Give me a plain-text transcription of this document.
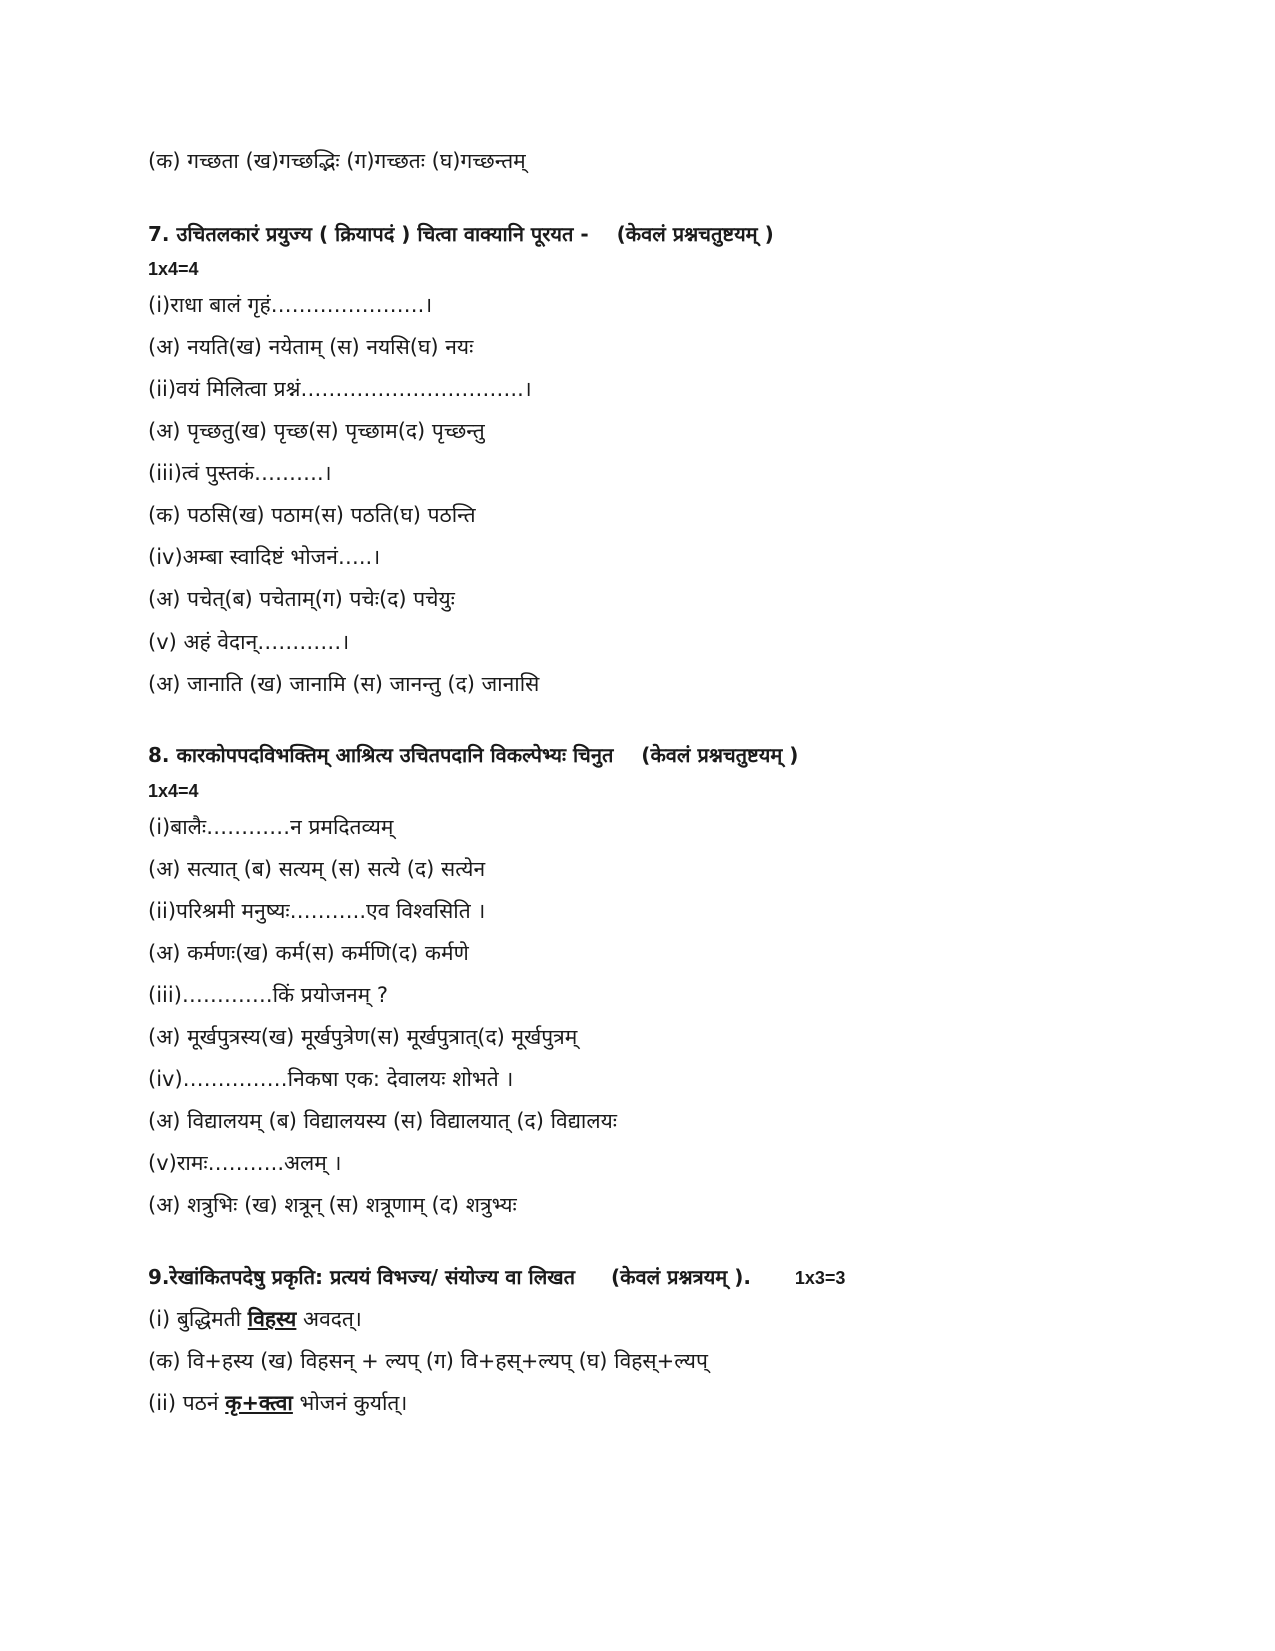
(क) गच्छता (ख)गच्छद्भिः (ग)गच्छतः (घ)गच्छन्तम्
7. उचितलकारं प्रयुज्य ( क्रियापदं ) चित्वा वाक्यानि पूरयत - (केवलं प्रश्नचतुष्टयम् )
1x4=4
(i)राधा बालं गृहं………………….।
(अ) नयति(ख) नयेताम् (स) नयसि(घ) नयः
(ii)वयं मिलित्वा प्रश्नं…………………………..।
(अ) पृच्छतु(ख) पृच्छ(स) पृच्छाम(द) पृच्छन्तु
(iii)त्वं पुस्तकं……….।
(क) पठसि(ख) पठाम(स) पठति(घ) पठन्ति
(iv)अम्बा स्वादिष्टं भोजनं…..।
(अ) पचेत्(ब) पचेताम्(ग) पचेः(द) पचेयुः
(v) अहं वेदान्…………।
(अ) जानाति (ख) जानामि (स) जानन्तु (द) जानासि
8. कारकोपपदविभक्तिम् आश्रित्य उचितपदानि विकल्पेभ्यः चिनुत (केवलं प्रश्नचतुष्टयम् )
1x4=4
(i)बालैः…………न प्रमदितव्यम्
(अ) सत्यात् (ब) सत्यम् (स) सत्ये (द) सत्येन
(ii)परिश्रमी मनुष्यः………..एव विश्वसिति ।
(अ) कर्मणः(ख) कर्म(स) कर्मणि(द) कर्मणे
(iii)………….किं प्रयोजनम् ?
(अ) मूर्खपुत्रस्य(ख) मूर्खपुत्रेण(स) मूर्खपुत्रात्(द) मूर्खपुत्रम्
(iv)……………निकषा एक: देवालयः शोभते ।
(अ) विद्यालयम् (ब) विद्यालयस्य (स) विद्यालयात् (द) विद्यालयः
(v)रामः………..अलम् ।
(अ) शत्रुभिः (ख) शत्रून् (स) शत्रूणाम् (द) शत्रुभ्यः
9.रेखांकितपदेषु प्रकृति: प्रत्ययं विभज्य/ संयोज्य वा लिखत (केवलं प्रश्नत्रयम् ). 1x3=3
(i) बुद्धिमती विहस्य अवदत्।
(क) वि+हस्य (ख) विहसन् + ल्यप् (ग) वि+हस्+ल्यप् (घ) विहस्+ल्यप्
(ii) पठनं कृ+क्त्वा भोजनं कुर्यात्।
